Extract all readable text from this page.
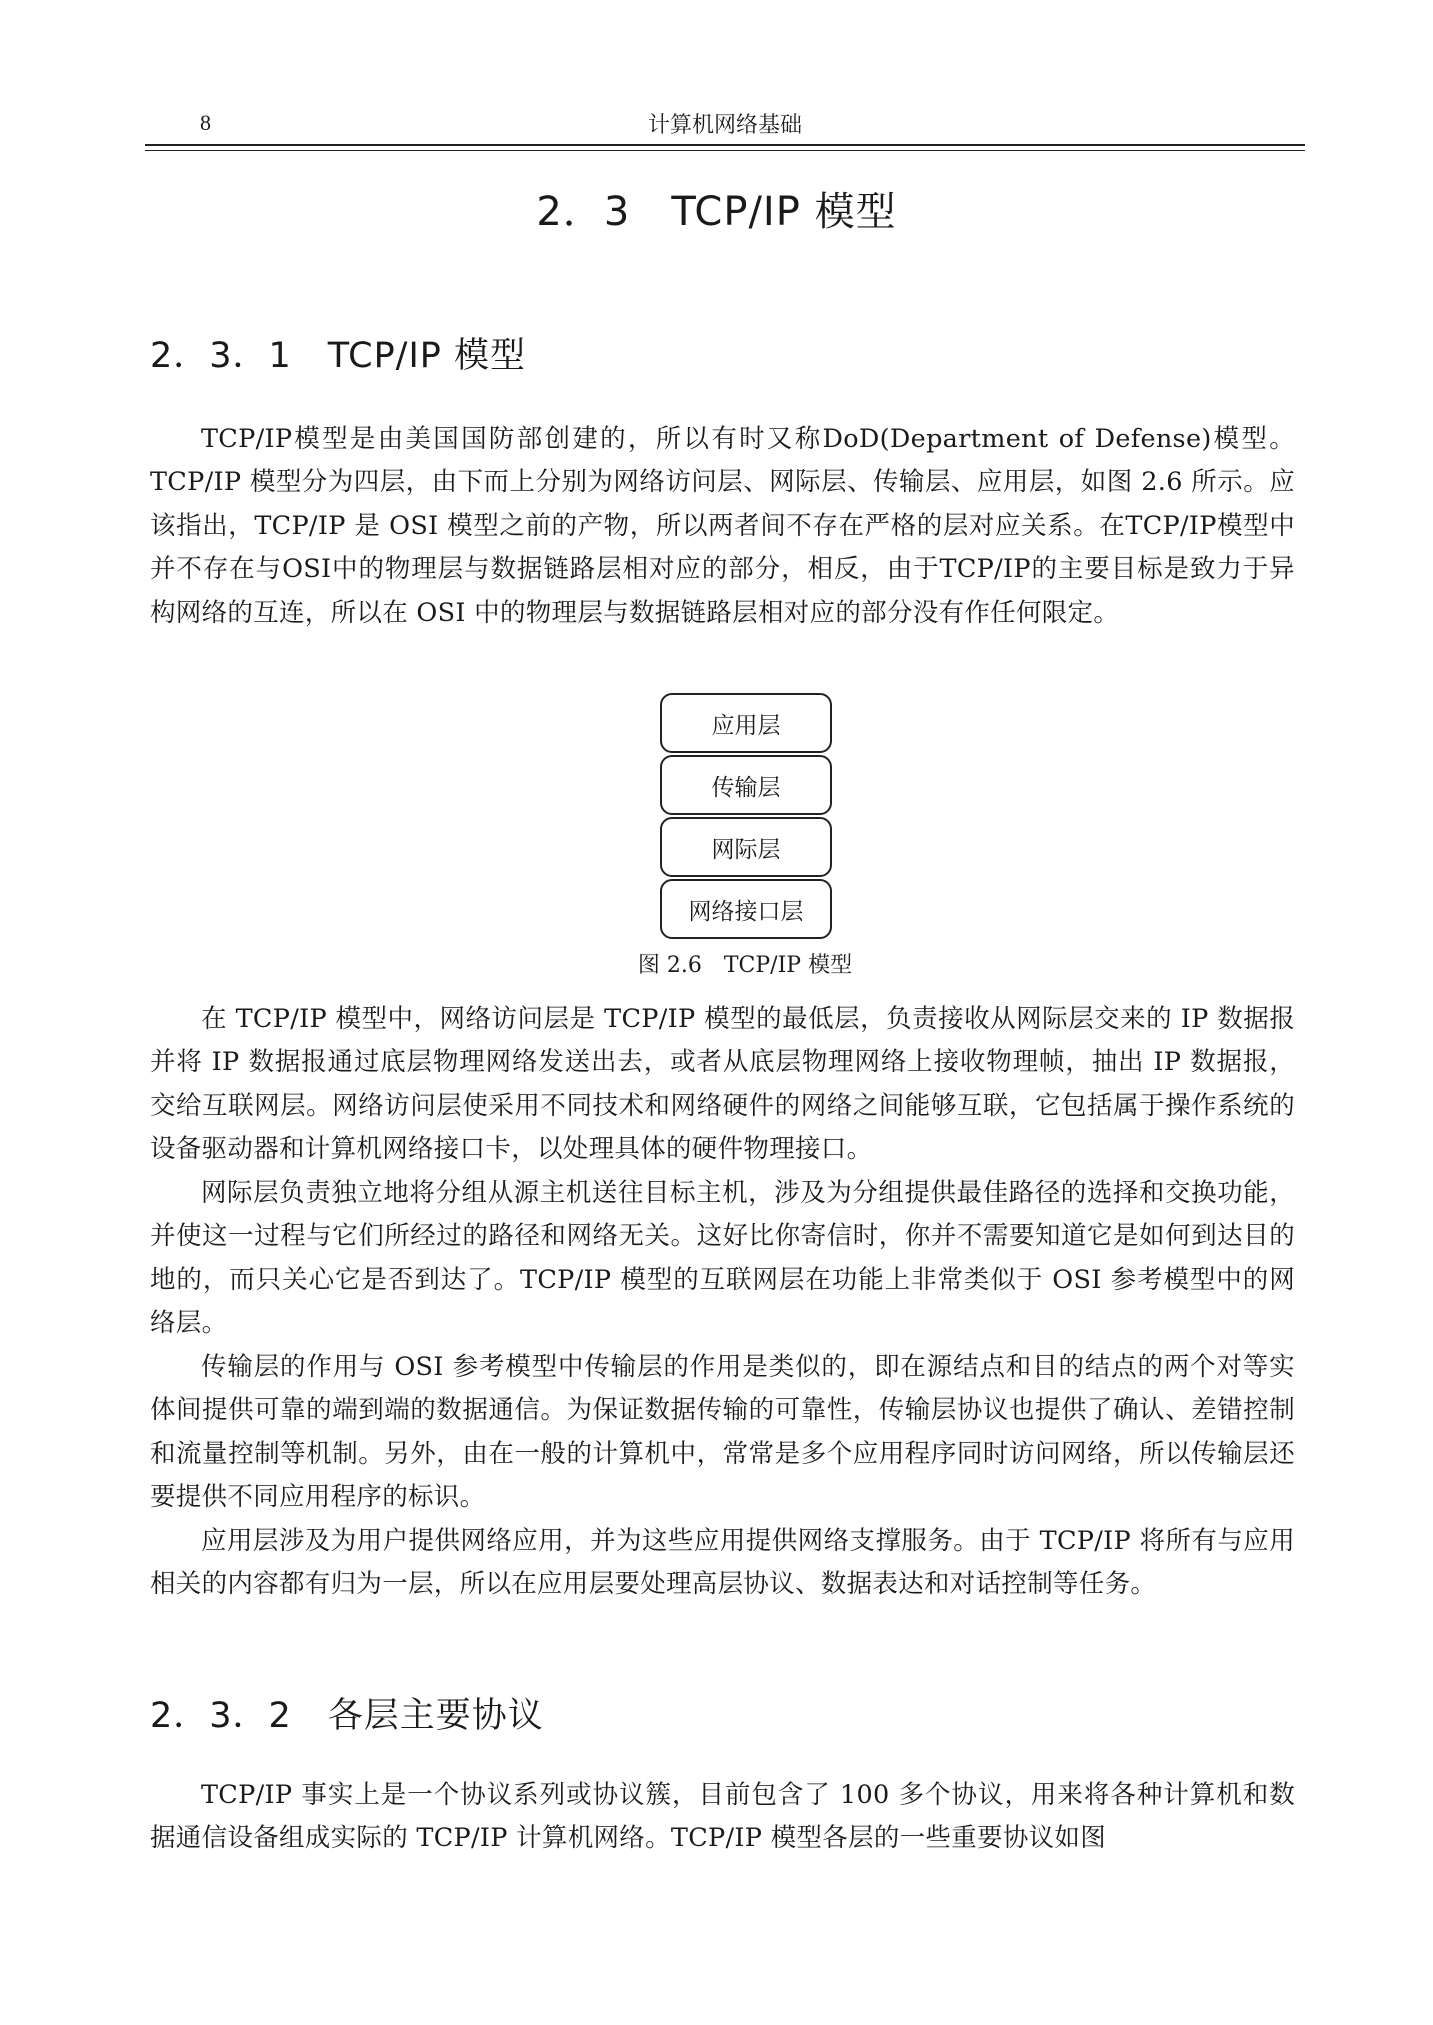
8	计算机网络基础
2．3　TCP/IP 模型
2．3．1　TCP/IP 模型

TCP/IP模型是由美国国防部创建的，所以有时又称DoD(Department of Defense)模型。TCP/IP 模型分为四层，由下而上分别为网络访问层、网际层、传输层、应用层，如图 2.6 所示。应该指出，TCP/IP 是 OSI 模型之前的产物，所以两者间不存在严格的层对应关系。在TCP/IP模型中并不存在与OSI中的物理层与数据链路层相对应的部分，相反，由于TCP/IP的主要目标是致力于异构网络的互连，所以在 OSI 中的物理层与数据链路层相对应的部分没有作任何限定。

应用层
传输层
网际层
网络接口层
图 2.6　TCP/IP 模型

在 TCP/IP 模型中，网络访问层是 TCP/IP 模型的最低层，负责接收从网际层交来的 IP 数据报并将 IP 数据报通过底层物理网络发送出去，或者从底层物理网络上接收物理帧，抽出 IP 数据报，交给互联网层。网络访问层使采用不同技术和网络硬件的网络之间能够互联，它包括属于操作系统的设备驱动器和计算机网络接口卡，以处理具体的硬件物理接口。

网际层负责独立地将分组从源主机送往目标主机，涉及为分组提供最佳路径的选择和交换功能，并使这一过程与它们所经过的路径和网络无关。这好比你寄信时，你并不需要知道它是如何到达目的地的，而只关心它是否到达了。TCP/IP 模型的互联网层在功能上非常类似于 OSI 参考模型中的网络层。

传输层的作用与 OSI 参考模型中传输层的作用是类似的，即在源结点和目的结点的两个对等实体间提供可靠的端到端的数据通信。为保证数据传输的可靠性，传输层协议也提供了确认、差错控制和流量控制等机制。另外，由在一般的计算机中，常常是多个应用程序同时访问网络，所以传输层还要提供不同应用程序的标识。

应用层涉及为用户提供网络应用，并为这些应用提供网络支撑服务。由于 TCP/IP 将所有与应用相关的内容都有归为一层，所以在应用层要处理高层协议、数据表达和对话控制等任务。

2．3．2　各层主要协议

TCP/IP 事实上是一个协议系列或协议簇，目前包含了 100 多个协议，用来将各种计算机和数据通信设备组成实际的 TCP/IP 计算机网络。TCP/IP 模型各层的一些重要协议如图
